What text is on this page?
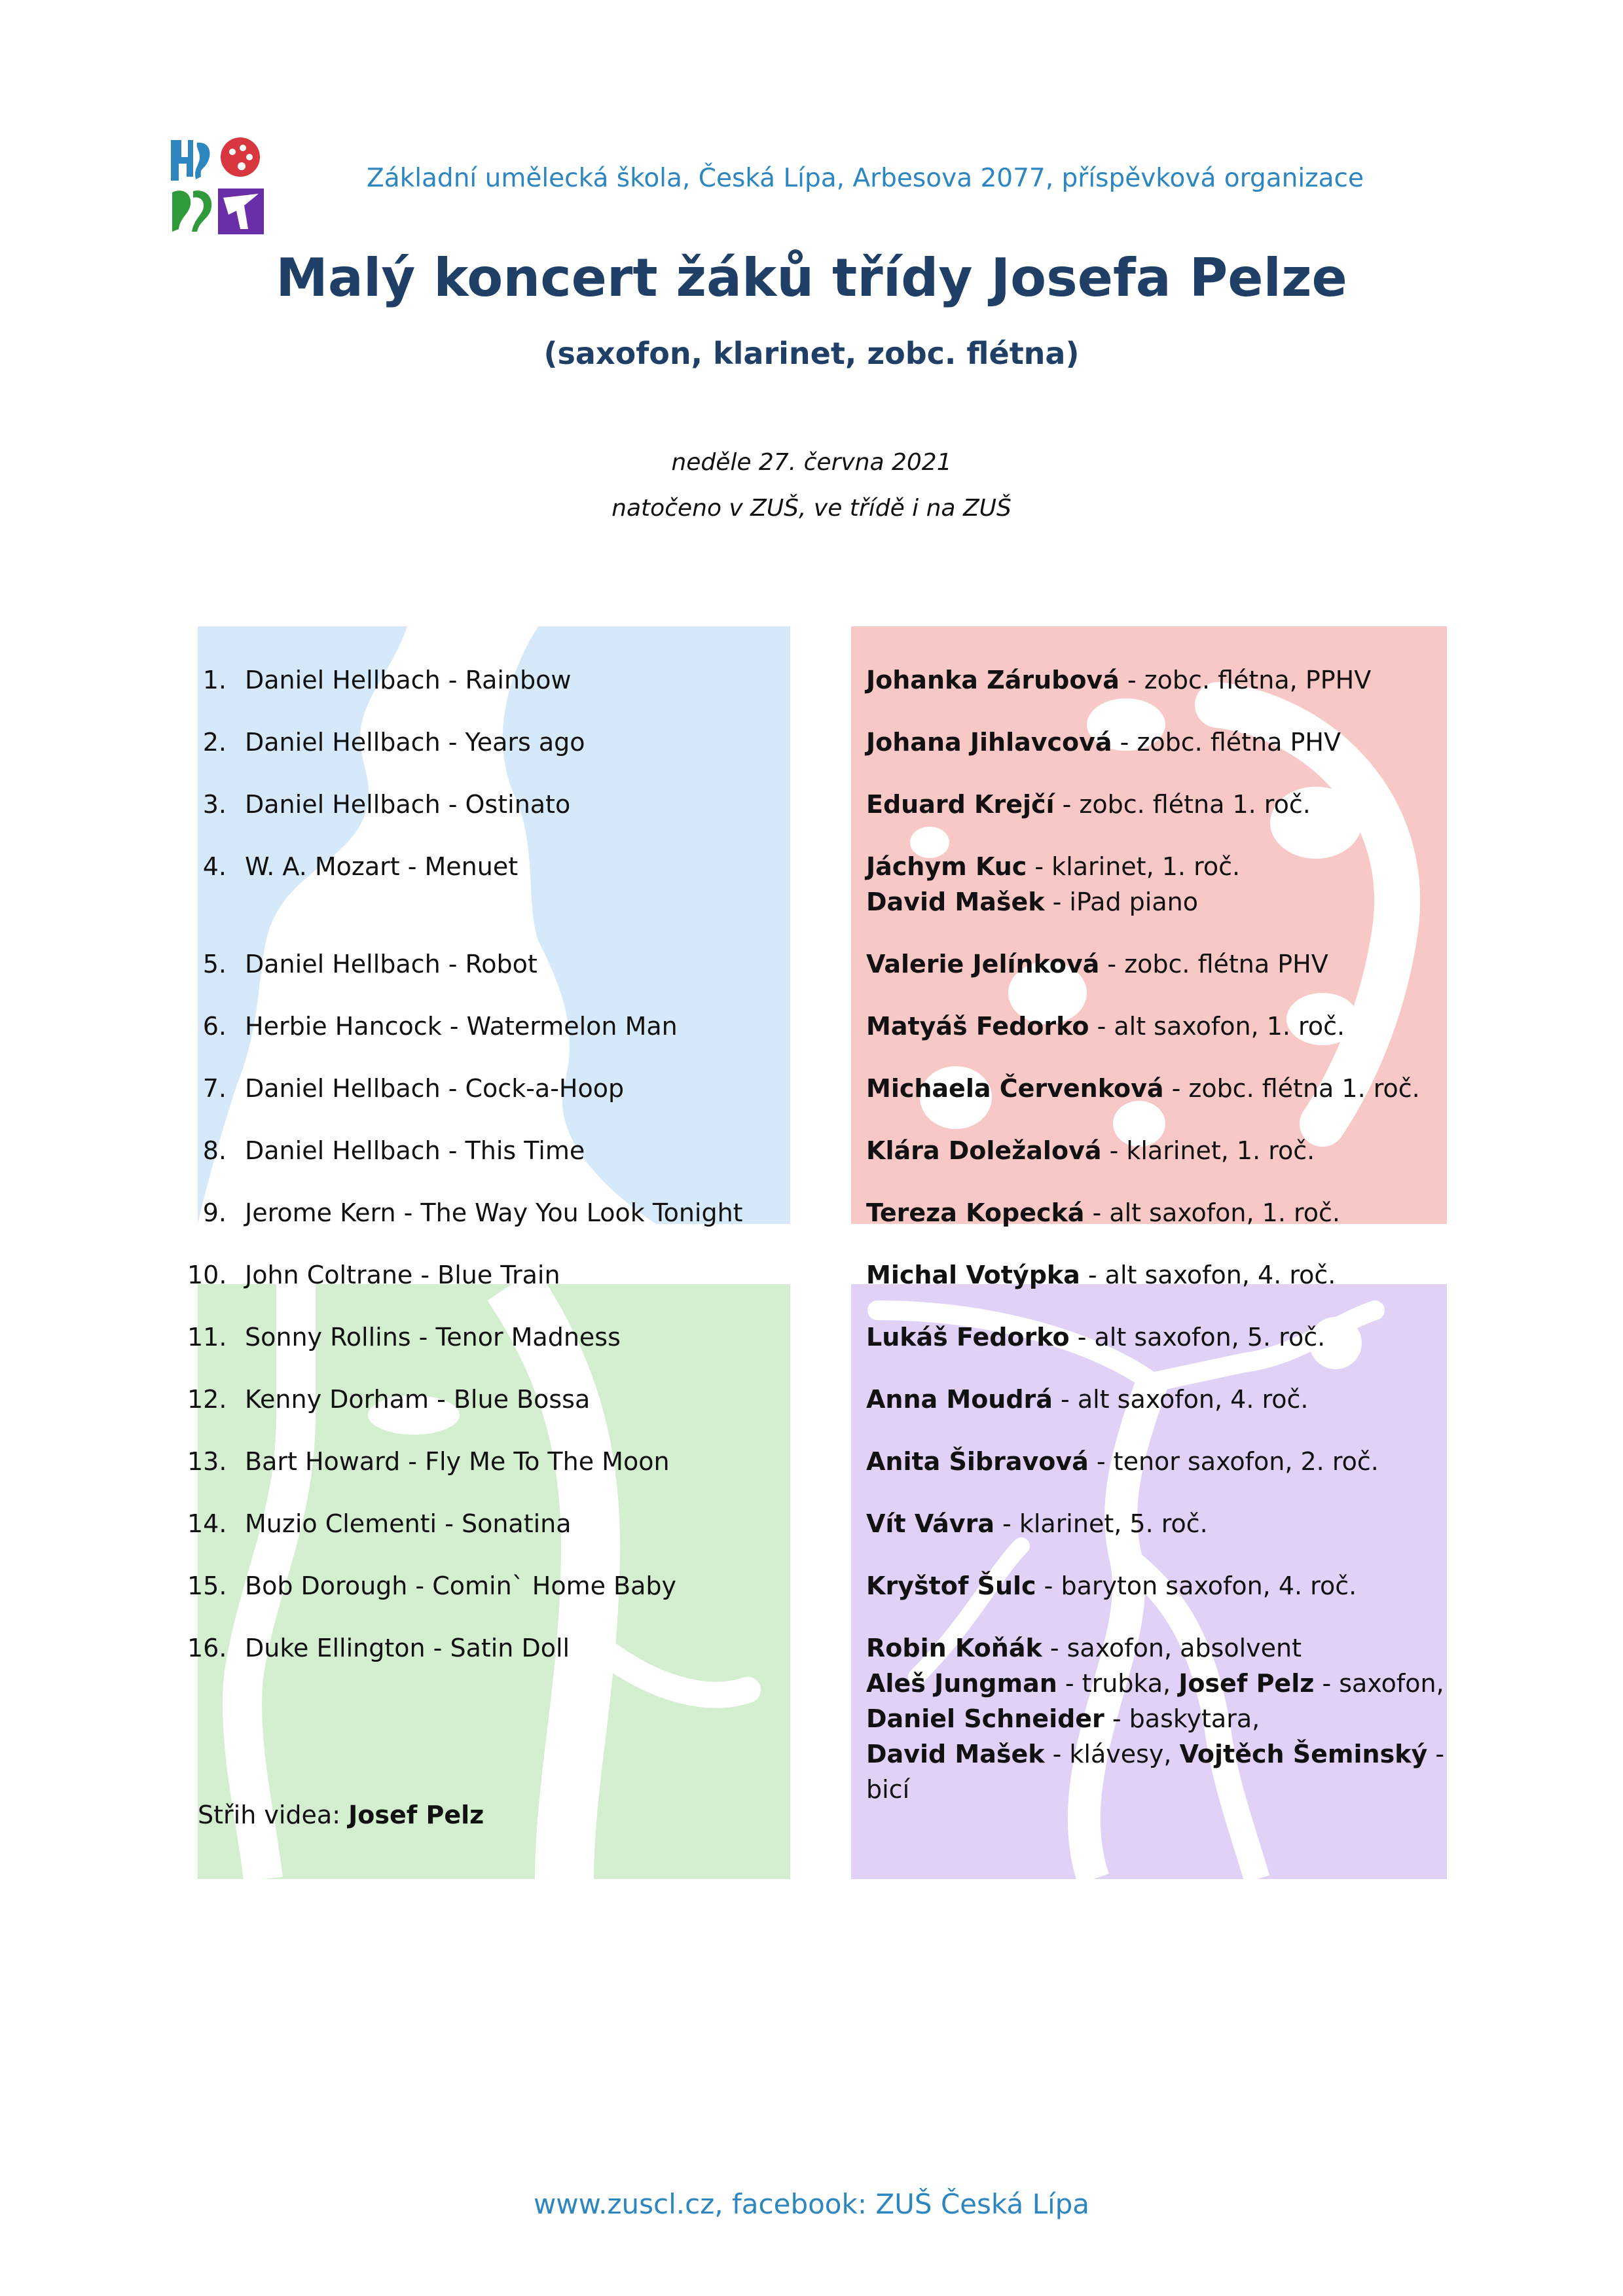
Základní umělecká škola, Česká Lípa, Arbesova 2077, příspěvková organizace
Malý koncert žáků třídy Josefa Pelze
(saxofon, klarinet, zobc. flétna)
neděle 27. června 2021
natočeno v ZUŠ, ve třídě i na ZUŠ
1. Daniel Hellbach - Rainbow	Johanka Zárubová - zobc. flétna, PPHV
2. Daniel Hellbach - Years ago	Johana Jihlavcová - zobc. flétna PHV
3. Daniel Hellbach - Ostinato	Eduard Krejčí - zobc. flétna 1. roč.
4. W. A. Mozart - Menuet	Jáchym Kuc - klarinet, 1. roč.
David Mašek - iPad piano
5. Daniel Hellbach - Robot	Valerie Jelínková - zobc. flétna PHV
6. Herbie Hancock - Watermelon Man	Matyáš Fedorko - alt saxofon, 1. roč.
7. Daniel Hellbach - Cock-a-Hoop	Michaela Červenková - zobc. flétna 1. roč.
8. Daniel Hellbach - This Time	Klára Doležalová - klarinet, 1. roč.
9. Jerome Kern - The Way You Look Tonight	Tereza Kopecká - alt saxofon, 1. roč.
10. John Coltrane - Blue Train	Michal Votýpka - alt saxofon, 4. roč.
11. Sonny Rollins - Tenor Madness	Lukáš Fedorko - alt saxofon, 5. roč.
12. Kenny Dorham - Blue Bossa	Anna Moudrá - alt saxofon, 4. roč.
13. Bart Howard - Fly Me To The Moon	Anita Šibravová - tenor saxofon, 2. roč.
14. Muzio Clementi - Sonatina	Vít Vávra - klarinet, 5. roč.
15. Bob Dorough - Comin` Home Baby	Kryštof Šulc - baryton saxofon, 4. roč.
16. Duke Ellington - Satin Doll	Robin Koňák - saxofon, absolvent
Aleš Jungman - trubka, Josef Pelz - saxofon,
Daniel Schneider - baskytara,
David Mašek - klávesy, Vojtěch Šeminský - bicí
Střih videa: Josef Pelz
www.zuscl.cz, facebook: ZUŠ Česká Lípa
